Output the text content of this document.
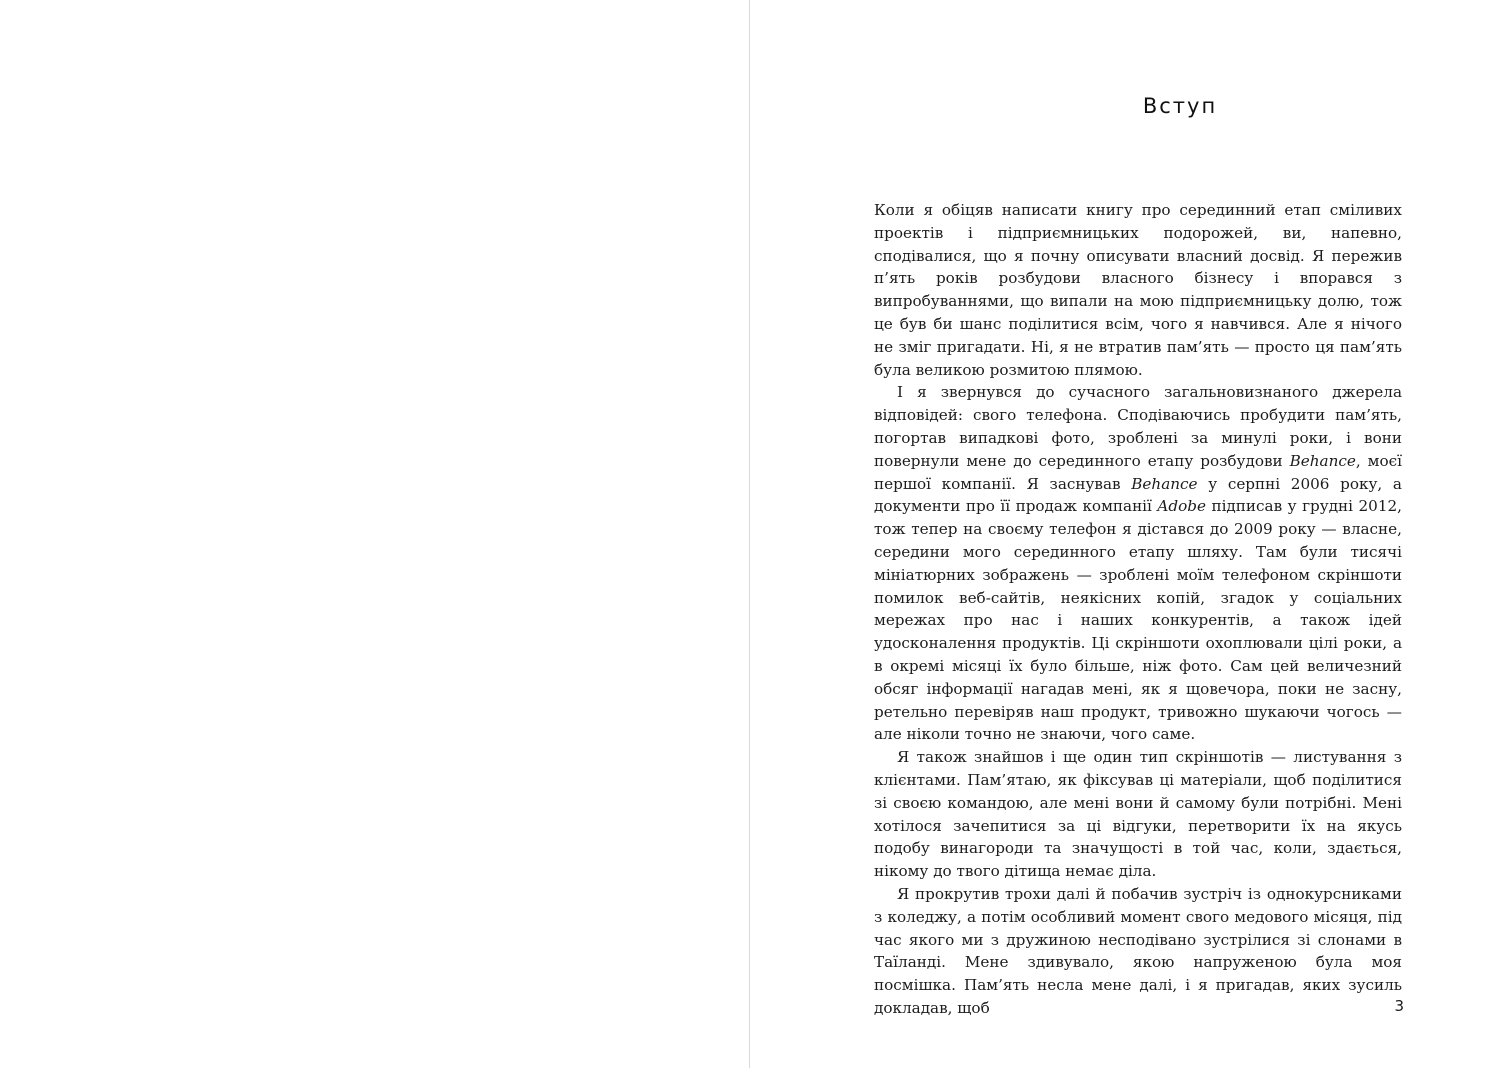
Вступ

Коли я обіцяв написати книгу про серединний етап сміливих проектів і підприємницьких подорожей, ви, напевно, сподівалися, що я почну описувати власний досвід. Я пережив п’ять років розбудови власного бізнесу і впорався з випробуваннями, що випали на мою підприємницьку долю, тож це був би шанс поділитися всім, чого я навчився. Але я нічого не зміг пригадати. Ні, я не втратив пам’ять — просто ця пам’ять була великою розмитою плямою.

І я звернувся до сучасного загальновизнаного джерела відповідей: свого телефона. Сподіваючись пробудити пам’ять, погортав випадкові фото, зроблені за минулі роки, і вони повернули мене до серединного етапу розбудови Behance, моєї першої компанії. Я заснував Behance у серпні 2006 року, а документи про її продаж компанії Adobe підписав у грудні 2012, тож тепер на своєму телефон я дістався до 2009 року — власне, середини мого серединного етапу шляху. Там були тисячі мініатюрних зображень — зроблені моїм телефоном скріншоти помилок веб-сайтів, неякісних копій, згадок у соціальних мережах про нас і наших конкурентів, а також ідей удосконалення продуктів. Ці скріншоти охоплювали цілі роки, а в окремі місяці їх було більше, ніж фото. Сам цей величезний обсяг інформації нагадав мені, як я щовечора, поки не засну, ретельно перевіряв наш продукт, тривожно шукаючи чогось — але ніколи точно не знаючи, чого саме.

Я також знайшов і ще один тип скріншотів — листування з клієнтами. Пам’ятаю, як фіксував ці матеріали, щоб поділитися зі своєю командою, але мені вони й самому були потрібні. Мені хотілося зачепитися за ці відгуки, перетворити їх на якусь подобу винагороди та значущості в той час, коли, здається, нікому до твого дітища немає діла.

Я прокрутив трохи далі й побачив зустріч із однокурсниками з коледжу, а потім особливий момент свого медового місяця, під час якого ми з дружиною несподівано зустрілися зі слонами в Таїланді. Мене здивувало, якою напруженою була моя посмішка. Пам’ять несла мене далі, і я пригадав, яких зусиль докладав, щоб	3
